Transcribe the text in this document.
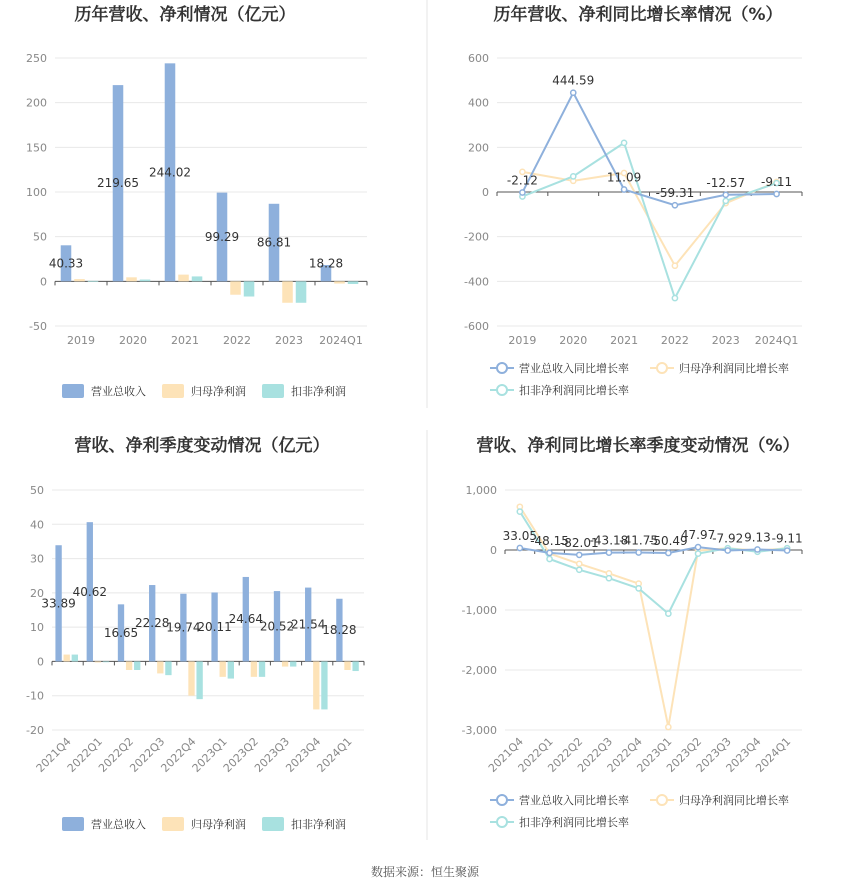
数据来源：恒生聚源
历年营收、净利情况（亿元）
250
200
150
100
50
0
-50
2019 2020 2021 2022 2023 2024Q1
40.33
219.65
244.02
99.29 86.81
18.28
营业总收入	归母净利润	扣非净利润
历年营收、净利同比增长率情况（%）
600
400
200
0
-200
-400
-600
2019 2020 2021 2022 2023 2024Q1
-2.12
444.59
11.09
-59.31
-12.57 -9.11
营业总收入同比增长率	归母净利润同比增长率
扣非净利润同比增长率
营收、净利季度变动情况（亿元）
50
40
30
20
10
0
-10
-20
2021Q4
2022Q1
2022Q2
2022Q3
2022Q4
2023Q1
2023Q2
2023Q3
2023Q4
2024Q1
33.89
40.62
16.65
22.28
19.74
20.11
24.64
20.52
21.54
18.28
营业总收入	归母净利润	扣非净利润
营收、净利同比增长率季度变动情况（%）
1,000
0
-1,000
-2,000
-3,000
2021Q4
2022Q1
2022Q2
2022Q3
2022Q4
2023Q1
2023Q2
2023Q3
2023Q4
2024Q1
33.05
-48.15
-82.01
-43.18
-41.75
-50.49
47.97
-7.92 9.13 -9.11
营业总收入同比增长率	归母净利润同比增长率
扣非净利润同比增长率
